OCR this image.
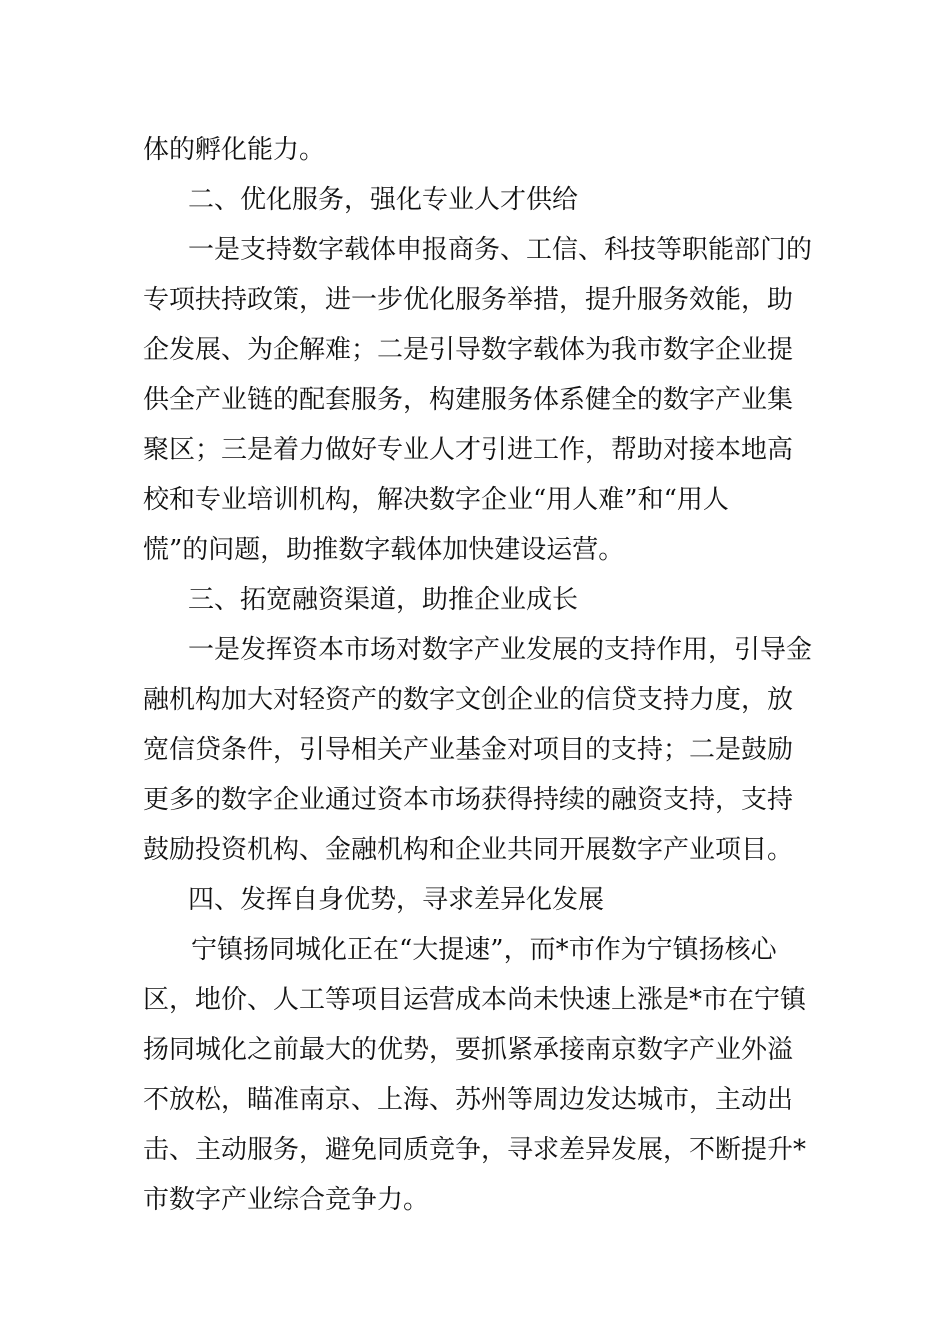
体的孵化能力。
二、优化服务，强化专业人才供给
一是支持数字载体申报商务、工信、科技等职能部门的
专项扶持政策，进一步优化服务举措，提升服务效能，助
企发展、为企解难；二是引导数字载体为我市数字企业提
供全产业链的配套服务，构建服务体系健全的数字产业集
聚区；三是着力做好专业人才引进工作，帮助对接本地高
校和专业培训机构，解决数字企业“用人难”和“用人
慌”的问题，助推数字载体加快建设运营。
三、拓宽融资渠道，助推企业成长
一是发挥资本市场对数字产业发展的支持作用，引导金
融机构加大对轻资产的数字文创企业的信贷支持力度，放
宽信贷条件，引导相关产业基金对项目的支持；二是鼓励
更多的数字企业通过资本市场获得持续的融资支持，支持
鼓励投资机构、金融机构和企业共同开展数字产业项目。
四、发挥自身优势，寻求差异化发展
宁镇扬同城化正在“大提速”，而*市作为宁镇扬核心
区，地价、人工等项目运营成本尚未快速上涨是*市在宁镇
扬同城化之前最大的优势，要抓紧承接南京数字产业外溢
不放松，瞄准南京、上海、苏州等周边发达城市，主动出
击、主动服务，避免同质竞争，寻求差异发展，不断提升*
市数字产业综合竞争力。
